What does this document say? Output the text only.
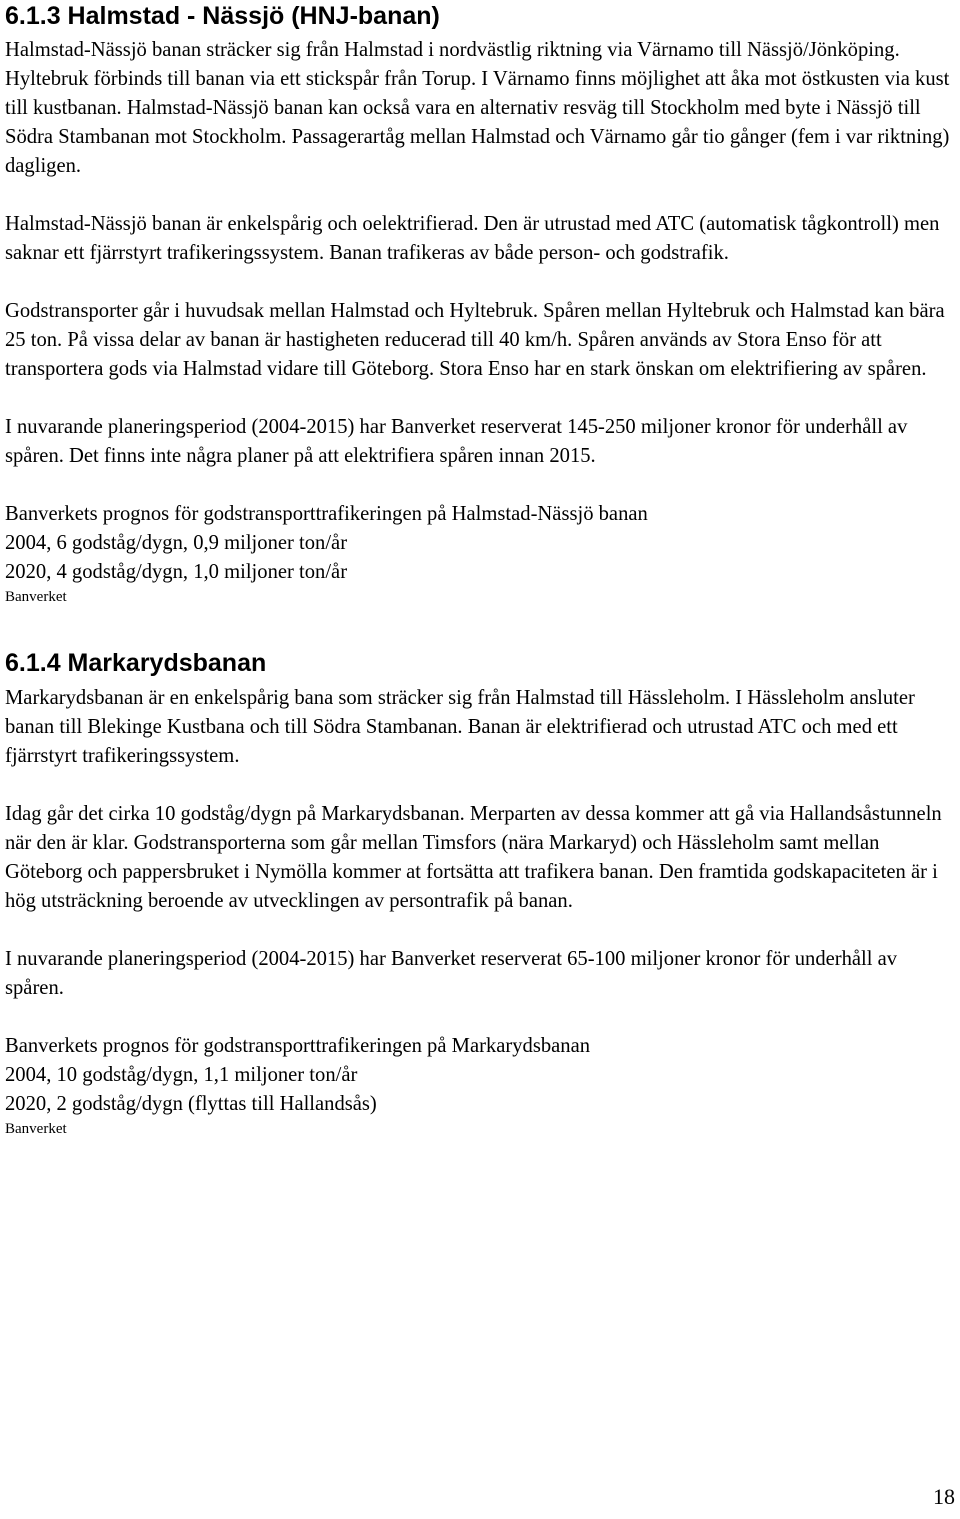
6.1.3 Halmstad - Nässjö (HNJ-banan)

Halmstad-Nässjö banan sträcker sig från Halmstad i nordvästlig riktning via Värnamo till Nässjö/Jönköping. Hyltebruk förbinds till banan via ett stickspår från Torup. I Värnamo finns möjlighet att åka mot östkusten via kust till kustbanan. Halmstad-Nässjö banan kan också vara en alternativ resväg till Stockholm med byte i Nässjö till Södra Stambanan mot Stockholm. Passagerartåg mellan Halmstad och Värnamo går tio gånger (fem i var riktning) dagligen.

Halmstad-Nässjö banan är enkelspårig och oelektrifierad. Den är utrustad med ATC (automatisk tågkontroll) men saknar ett fjärrstyrt trafikeringssystem. Banan trafikeras av både person- och godstrafik.

Godstransporter går i huvudsak mellan Halmstad och Hyltebruk. Spåren mellan Hyltebruk och Halmstad kan bära 25 ton. På vissa delar av banan är hastigheten reducerad till 40 km/h. Spåren används av Stora Enso för att transportera gods via Halmstad vidare till Göteborg. Stora Enso har en stark önskan om elektrifiering av spåren.

I nuvarande planeringsperiod (2004-2015) har Banverket reserverat 145-250 miljoner kronor för underhåll av spåren. Det finns inte några planer på att elektrifiera spåren innan 2015.

Banverkets prognos för godstransporttrafikeringen på Halmstad-Nässjö banan

2004, 6 godståg/dygn, 0,9 miljoner ton/år

2020, 4 godståg/dygn, 1,0 miljoner ton/år

Banverket

6.1.4 Markarydsbanan

Markarydsbanan är en enkelspårig bana som sträcker sig från Halmstad till Hässleholm. I Hässleholm ansluter banan till Blekinge Kustbana och till Södra Stambanan. Banan är elektrifierad och utrustad ATC och med ett fjärrstyrt trafikeringssystem.

Idag går det cirka 10 godståg/dygn på Markarydsbanan. Merparten av dessa kommer att gå via Hallandsåstunneln när den är klar. Godstransporterna som går mellan Timsfors (nära Markaryd) och Hässleholm samt mellan Göteborg och pappersbruket i Nymölla kommer at fortsätta att trafikera banan. Den framtida godskapaciteten är i hög utsträckning beroende av utvecklingen av persontrafik på banan.

I nuvarande planeringsperiod (2004-2015) har Banverket reserverat 65-100 miljoner kronor för underhåll av spåren.

Banverkets prognos för godstransporttrafikeringen på Markarydsbanan

2004, 10 godståg/dygn, 1,1 miljoner ton/år

2020, 2 godståg/dygn (flyttas till Hallandsås)

Banverket

18
